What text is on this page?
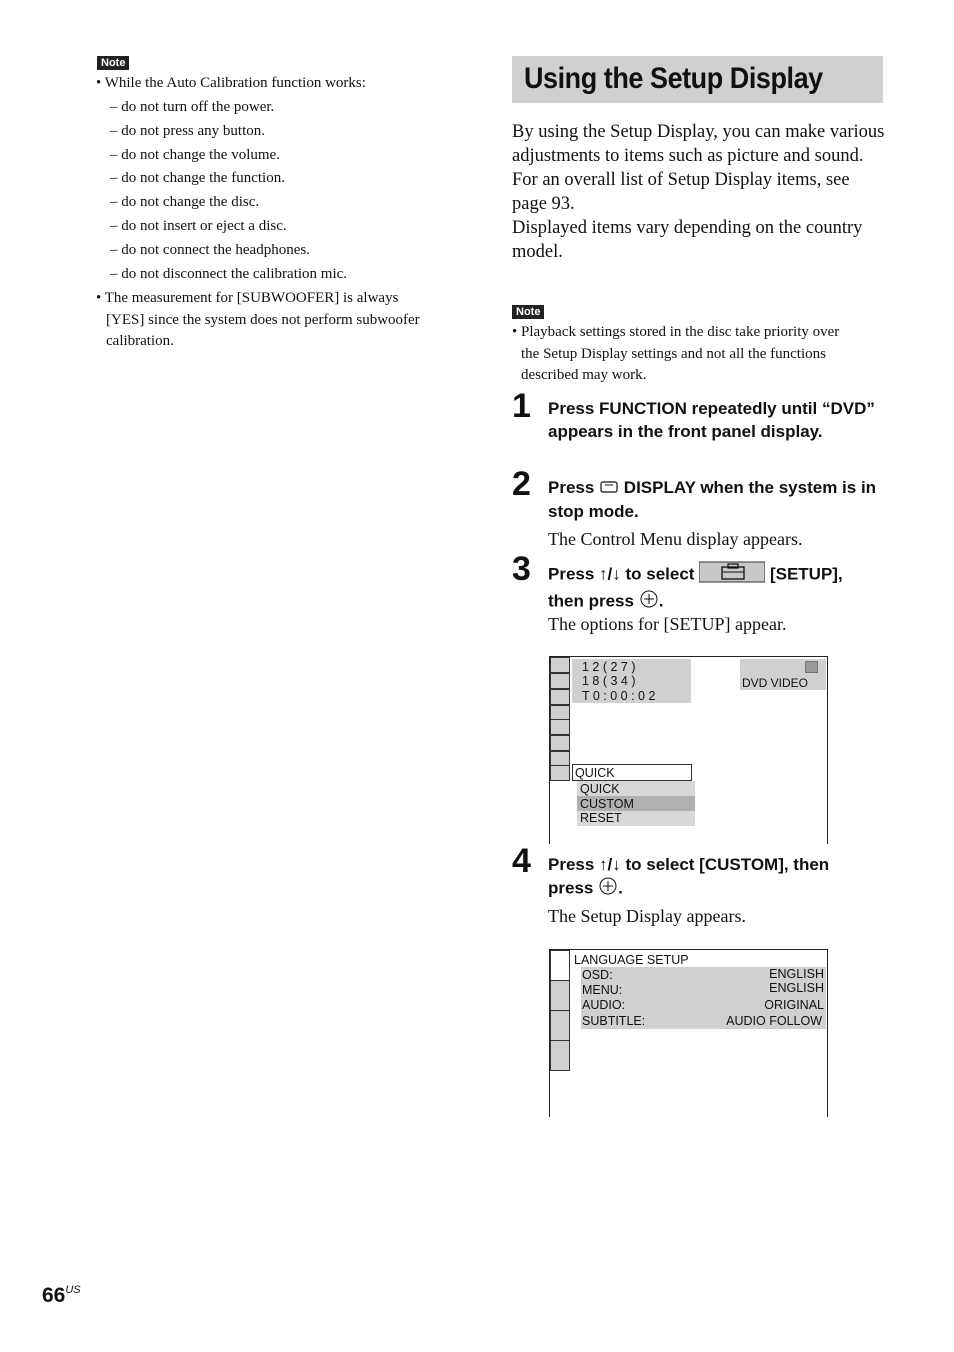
Note
• While the Auto Calibration function works:
– do not turn off the power.
– do not press any button.
– do not change the volume.
– do not change the function.
– do not change the disc.
– do not insert or eject a disc.
– do not connect the headphones.
– do not disconnect the calibration mic.
• The measurement for [SUBWOOFER] is always
[YES] since the system does not perform subwoofer
calibration.
Using the Setup Display

By using the Setup Display, you can make various adjustments to items such as picture and sound.

For an overall list of Setup Display items, see page 93.

Displayed items vary depending on the country model.

Note
• Playback settings stored in the disc take priority over
the Setup Display settings and not all the functions
described may work.
1 Press FUNCTION repeatedly until “DVD” appears in the front panel display.
2 Press DISPLAY when the system is in stop mode.
The Control Menu display appears.
3 Press ↑/↓ to select	[SETUP],
then press .
The options for [SETUP] appear.
1 2 ( 2 7 )
1 8 ( 3 4 )
T 0 : 0 0 : 0 2
DVD VIDEO
QUICK
QUICK
CUSTOM
RESET
4 Press ↑/↓ to select [CUSTOM], then
press .
The Setup Display appears.
LANGUAGE SETUP
OSD:	ENGLISH
MENU:	ENGLISH
AUDIO:	ORIGINAL
SUBTITLE:	AUDIO FOLLOW
$66^{US}$
